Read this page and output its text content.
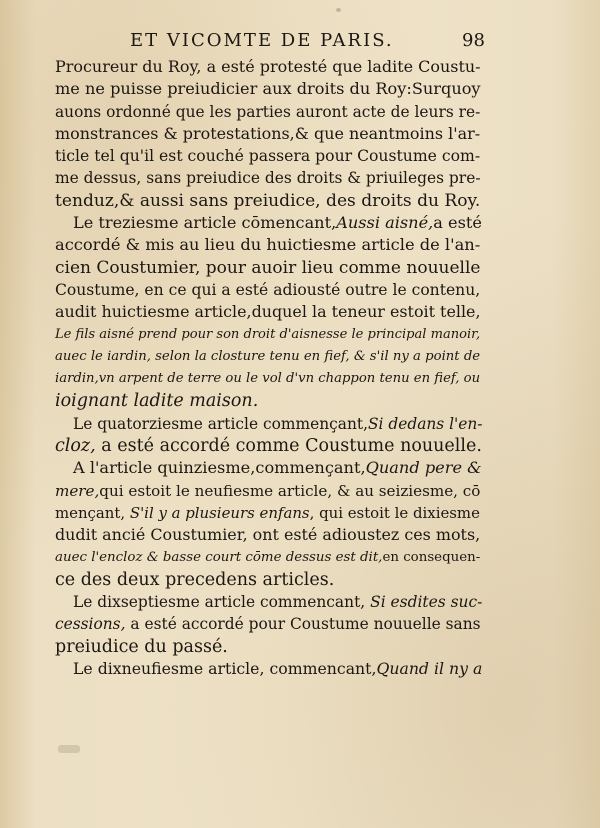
ET VICOMTE DE PARIS.	98
Procureur du Roy, a esté protesté que ladite Coustu-
me ne puisse preiudicier aux droits du Roy:Surquoy
auons ordonné que les parties auront acte de leurs re-
monstrances & protestations,& que neantmoins l'ar-
ticle tel qu'il est couché passera pour Coustume com-
me dessus, sans preiudice des droits & priuileges pre-
tenduz,& aussi sans preiudice, des droits du Roy.
Le treziesme article cōmencant,Aussi aisné,a esté
accordé & mis au lieu du huictiesme article de l'an-
cien Coustumier, pour auoir lieu comme nouuelle
Coustume, en ce qui a esté adiousté outre le contenu,
audit huictiesme article,duquel la teneur estoit telle,
Le fils aisné prend pour son droit d'aisnesse le principal manoir,
auec le iardin, selon la closture tenu en fief, & s'il ny a point de
iardin,vn arpent de terre ou le vol d'vn chappon tenu en fief, ou
ioignant ladite maison.
Le quatorziesme article commençant,Si dedans l'en-
cloz, a esté accordé comme Coustume nouuelle.
A l'article quinziesme,commençant,Quand pere &
mere,qui estoit le neufiesme article, & au seiziesme, cō
mençant, S'il y a plusieurs enfans, qui estoit le dixiesme
dudit ancié Coustumier, ont esté adioustez ces mots,
auec l'encloz & basse court cōme dessus est dit,en consequen-
ce des deux precedens articles.
Le dixseptiesme article commencant, Si esdites suc-
cessions, a esté accordé pour Coustume nouuelle sans
preiudice du passé.
Le dixneufiesme article, commencant,Quand il ny a
